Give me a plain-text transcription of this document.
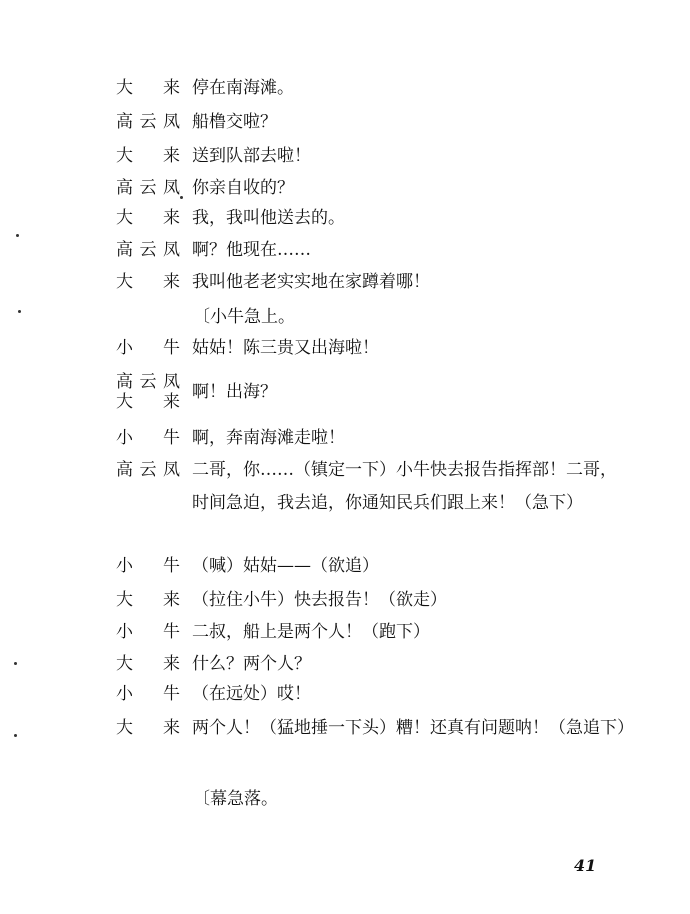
大 来 停在南海滩。
高云凤 船橹交啦？
大 来 送到队部去啦！
高云凤 你亲自收的？
大 来 我，我叫他送去的。
高云凤 啊？他现在……
大 来 我叫他老老实实地在家蹲着哪！
〔小牛急上。
小 牛 姑姑！陈三贵又出海啦！
高云凤
大 来 啊！出海？
小 牛 啊，奔南海滩走啦！
高云凤 二哥，你……（镇定一下）小牛快去报告指挥部！二哥，时间急迫，我去追，你通知民兵们跟上来！（急下）
小 牛 （喊）姑姑——（欲追）
大 来 （拉住小牛）快去报告！（欲走）
小 牛 二叔，船上是两个人！（跑下）
大 来 什么？两个人？
小 牛 （在远处）哎！
大 来 两个人！（猛地捶一下头）糟！还真有问题呐！（急追下）
〔幕急落。
41
